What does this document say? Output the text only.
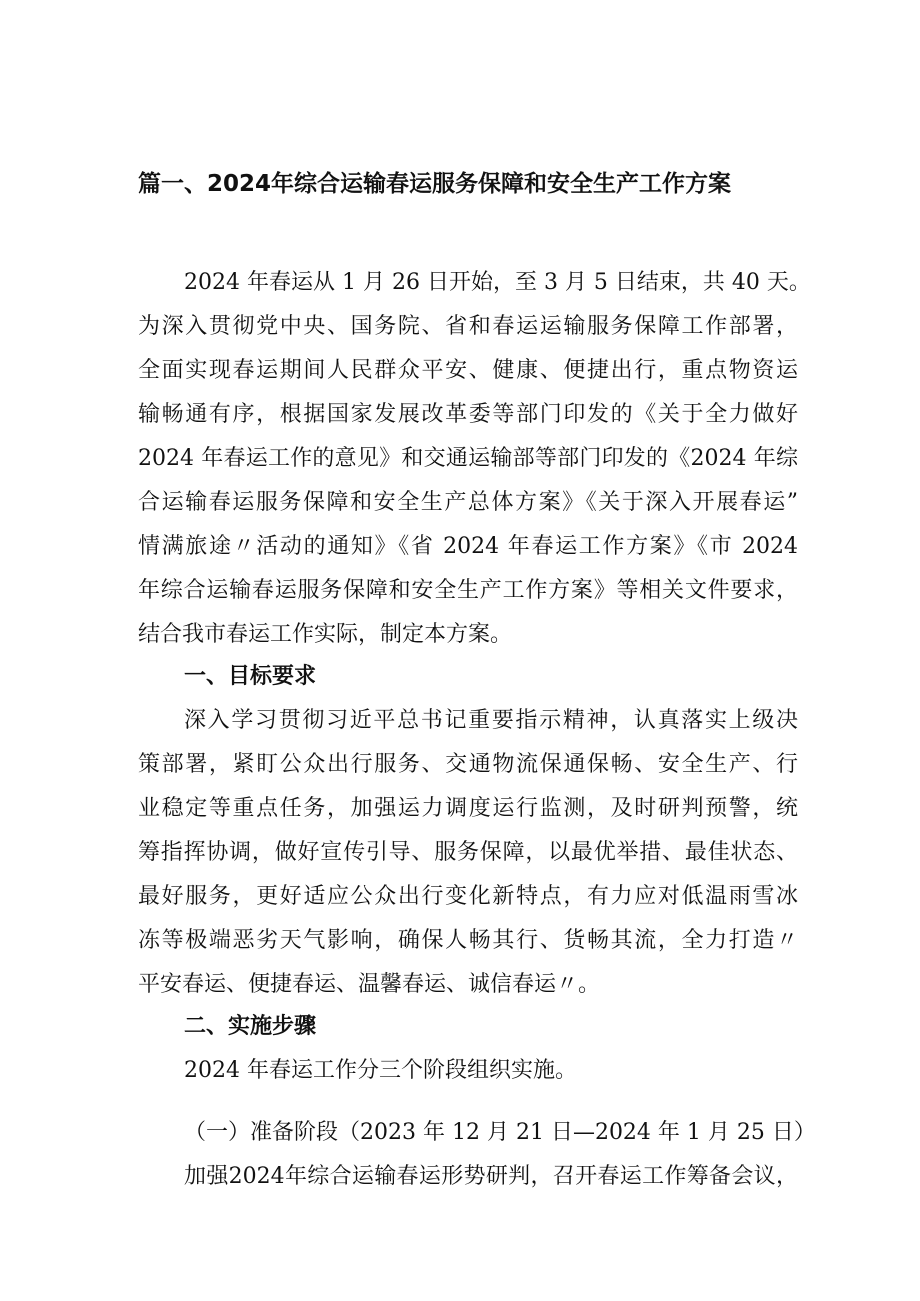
篇一、2024年综合运输春运服务保障和安全生产工作方案
2024 年春运从 1 月 26 日开始，至 3 月 5 日结束，共 40 天。
为深入贯彻党中央、国务院、省和春运运输服务保障工作部署，
全面实现春运期间人民群众平安、健康、便捷出行，重点物资运
输畅通有序，根据国家发展改革委等部门印发的《关于全力做好
2024 年春运工作的意见》和交通运输部等部门印发的《2024 年综
合运输春运服务保障和安全生产总体方案》《关于深入开展春运”
情满旅途〃活动的通知》《省 2024 年春运工作方案》《市 2024
年综合运输春运服务保障和安全生产工作方案》等相关文件要求，
结合我市春运工作实际，制定本方案。
一、目标要求
深入学习贯彻习近平总书记重要指示精神，认真落实上级决
策部署，紧盯公众出行服务、交通物流保通保畅、安全生产、行
业稳定等重点任务，加强运力调度运行监测，及时研判预警，统
筹指挥协调，做好宣传引导、服务保障，以最优举措、最佳状态、
最好服务，更好适应公众出行变化新特点，有力应对低温雨雪冰
冻等极端恶劣天气影响，确保人畅其行、货畅其流，全力打造〃
平安春运、便捷春运、温馨春运、诚信春运〃。
二、实施步骤
2024 年春运工作分三个阶段组织实施。
（一）准备阶段（2023 年 12 月 21 日—2024 年 1 月 25 日）
加强2024年综合运输春运形势研判，召开春运工作筹备会议，
